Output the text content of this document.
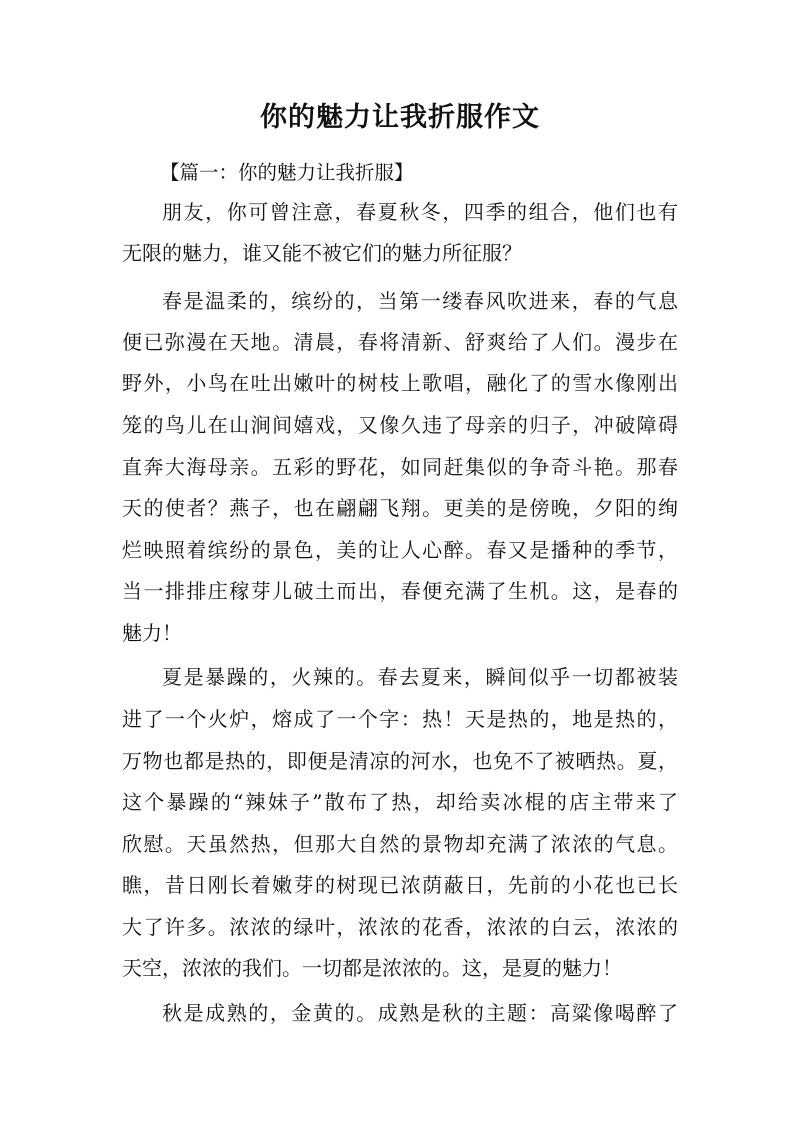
你的魅力让我折服作文

【篇一：你的魅力让我折服】

朋友，你可曾注意，春夏秋冬，四季的组合，他们也有
无限的魅力，谁又能不被它们的魅力所征服？
春是温柔的，缤纷的，当第一缕春风吹进来，春的气息
便已弥漫在天地。清晨，春将清新、舒爽给了人们。漫步在
野外，小鸟在吐出嫩叶的树枝上歌唱，融化了的雪水像刚出
笼的鸟儿在山涧间嬉戏，又像久违了母亲的归子，冲破障碍
直奔大海母亲。五彩的野花，如同赶集似的争奇斗艳。那春
天的使者？燕子，也在翩翩飞翔。更美的是傍晚，夕阳的绚
烂映照着缤纷的景色，美的让人心醉。春又是播种的季节，
当一排排庄稼芽儿破土而出，春便充满了生机。这，是春的
魅力！
夏是暴躁的，火辣的。春去夏来，瞬间似乎一切都被装
进了一个火炉，熔成了一个字：热！天是热的，地是热的，
万物也都是热的，即便是清凉的河水，也免不了被晒热。夏，
这个暴躁的“辣妹子”散布了热，却给卖冰棍的店主带来了
欣慰。天虽然热，但那大自然的景物却充满了浓浓的气息。
瞧，昔日刚长着嫩芽的树现已浓荫蔽日，先前的小花也已长
大了许多。浓浓的绿叶，浓浓的花香，浓浓的白云，浓浓的
天空，浓浓的我们。一切都是浓浓的。这，是夏的魅力！
秋是成熟的，金黄的。成熟是秋的主题：高粱像喝醉了
